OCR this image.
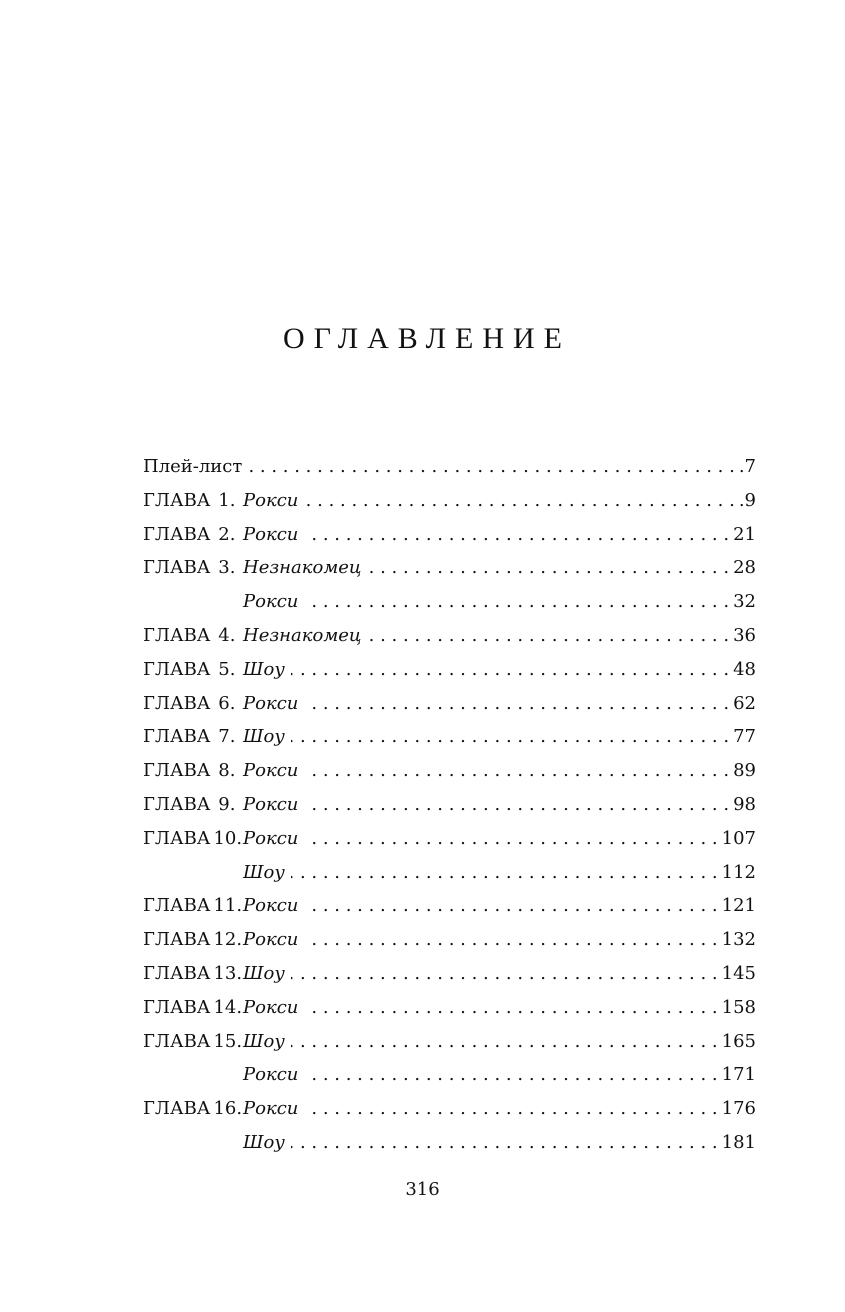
ОГЛАВЛЕНИЕ
Плей-лист . . .	.7
ГЛАВА 1. Рокси . . .	.9
ГЛАВА 2. Рокси . . .	21
ГЛАВА 3. Незнакомец . . .	28
Рокси . . .	32
ГЛАВА 4. Незнакомец . . .	36
ГЛАВА 5. Шоу . . .	48
ГЛАВА 6. Рокси . . .	62
ГЛАВА 7. Шоу . . .	77
ГЛАВА 8. Рокси . . .	89
ГЛАВА 9. Рокси . . .	98
ГЛАВА 10. Рокси . . .	107
Шоу . . .	112
ГЛАВА 11. Рокси . . .	121
ГЛАВА 12. Рокси . . .	132
ГЛАВА 13. Шоу . . .	145
ГЛАВА 14. Рокси . . .	158
ГЛАВА 15. Шоу . . .	165
Рокси . . .	171
ГЛАВА 16. Рокси . . .	176
Шоу . . .	181
316
